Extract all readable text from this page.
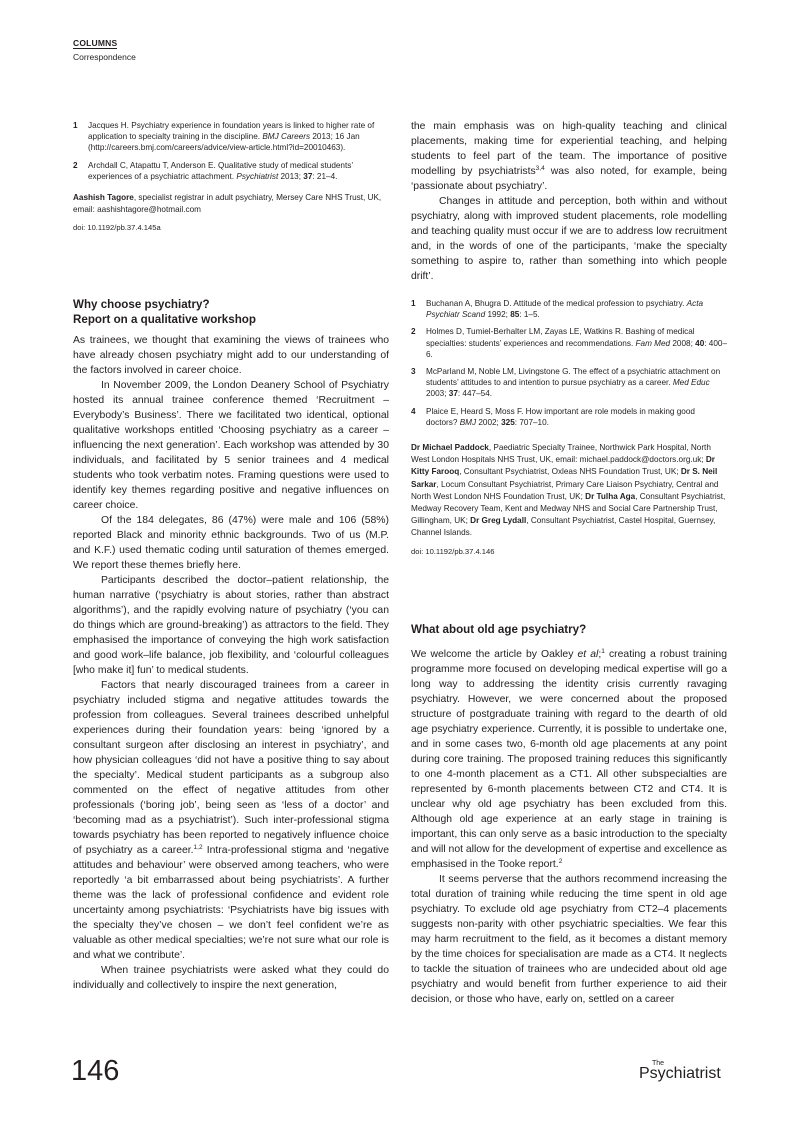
COLUMNS
Correspondence
1 Jacques H. Psychiatry experience in foundation years is linked to higher rate of application to specialty training in the discipline. BMJ Careers 2013; 16 Jan (http://careers.bmj.com/careers/advice/view-article.html?id=20010463).
2 Archdall C, Atapattu T, Anderson E. Qualitative study of medical students’ experiences of a psychiatric attachment. Psychiatrist 2013; 37: 21–4.
Aashish Tagore, specialist registrar in adult psychiatry, Mersey Care NHS Trust, UK, email: aashishtagore@hotmail.com
doi: 10.1192/pb.37.4.145a
Why choose psychiatry?
Report on a qualitative workshop

As trainees, we thought that examining the views of trainees who have already chosen psychiatry might add to our understanding of the factors involved in career choice.

In November 2009, the London Deanery School of Psychiatry hosted its annual trainee conference themed ‘Recruitment – Everybody’s Business’. There we facilitated two identical, optional qualitative workshops entitled ‘Choosing psychiatry as a career – influencing the next generation’. Each workshop was attended by 30 individuals, and facilitated by 5 senior trainees and 4 medical students who took verbatim notes. Framing questions were used to identify key themes regarding positive and negative influences on career choice.

Of the 184 delegates, 86 (47%) were male and 106 (58%) reported Black and minority ethnic backgrounds. Two of us (M.P. and K.F.) used thematic coding until saturation of themes emerged. We report these themes briefly here.

Participants described the doctor–patient relationship, the human narrative (‘psychiatry is about stories, rather than abstract algorithms’), and the rapidly evolving nature of psychiatry (‘you can do things which are ground-breaking’) as attractors to the field. They emphasised the importance of conveying the high work satisfaction and good work–life balance, job flexibility, and ‘colourful colleagues [who make it] fun’ to medical students.

Factors that nearly discouraged trainees from a career in psychiatry included stigma and negative attitudes towards the profession from colleagues. Several trainees described unhelpful experiences during their foundation years: being ‘ignored by a consultant surgeon after disclosing an interest in psychiatry’, and how physician colleagues ‘did not have a positive thing to say about the specialty’. Medical student participants as a subgroup also commented on the effect of negative attitudes from other professionals (‘boring job’, being seen as ‘less of a doctor’ and ‘becoming mad as a psychiatrist’). Such inter-professional stigma towards psychiatry has been reported to negatively influence choice of psychiatry as a career.$^{1,2}$ Intra-professional stigma and ‘negative attitudes and behaviour’ were observed among teachers, who were reportedly ‘a bit embarrassed about being psychiatrists’. A further theme was the lack of professional confidence and evident role uncertainty among psychiatrists: ‘Psychiatrists have big issues with the specialty they’ve chosen – we don’t feel confident we’re as valuable as other medical specialties; we’re not sure what our role is and what we contribute’.

When trainee psychiatrists were asked what they could do individually and collectively to inspire the next generation,

the main emphasis was on high-quality teaching and clinical placements, making time for experiential teaching, and helping students to feel part of the team. The importance of positive modelling by psychiatrists$^{3,4}$ was also noted, for example, being ‘passionate about psychiatry’.

Changes in attitude and perception, both within and without psychiatry, along with improved student placements, role modelling and teaching quality must occur if we are to address low recruitment and, in the words of one of the participants, ‘make the specialty something to aspire to, rather than something into which people drift’.

1 Buchanan A, Bhugra D. Attitude of the medical profession to psychiatry. Acta Psychiatr Scand 1992; 85: 1–5.
2 Holmes D, Tumiel-Berhalter LM, Zayas LE, Watkins R. Bashing of medical specialties: students’ experiences and recommendations. Fam Med 2008; 40: 400–6.
3 McParland M, Noble LM, Livingstone G. The effect of a psychiatric attachment on students’ attitudes to and intention to pursue psychiatry as a career. Med Educ 2003; 37: 447–54.
4 Plaice E, Heard S, Moss F. How important are role models in making good doctors? BMJ 2002; 325: 707–10.
Dr Michael Paddock, Paediatric Specialty Trainee, Northwick Park Hospital, North West London Hospitals NHS Trust, UK, email: michael.paddock@doctors.org.uk; Dr Kitty Farooq, Consultant Psychiatrist, Oxleas NHS Foundation Trust, UK; Dr S. Neil Sarkar, Locum Consultant Psychiatrist, Primary Care Liaison Psychiatry, Central and North West London NHS Foundation Trust, UK; Dr Tulha Aga, Consultant Psychiatrist, Medway Recovery Team, Kent and Medway NHS and Social Care Partnership Trust, Gillingham, UK; Dr Greg Lydall, Consultant Psychiatrist, Castel Hospital, Guernsey, Channel Islands.
doi: 10.1192/pb.37.4.146
What about old age psychiatry?

We welcome the article by Oakley et al;$^1$ creating a robust training programme more focused on developing medical expertise will go a long way to addressing the identity crisis currently ravaging psychiatry. However, we were concerned about the proposed structure of postgraduate training with regard to the dearth of old age psychiatry experience. Currently, it is possible to undertake one, and in some cases two, 6-month old age placements at any point during core training. The proposed training reduces this significantly to one 4-month placement as a CT1. All other subspecialties are represented by 6-month placements between CT2 and CT4. It is unclear why old age psychiatry has been excluded from this. Although old age experience at an early stage in training is important, this can only serve as a basic introduction to the specialty and will not allow for the development of expertise and excellence as emphasised in the Tooke report.$^2$

It seems perverse that the authors recommend increasing the total duration of training while reducing the time spent in old age psychiatry. To exclude old age psychiatry from CT2–4 placements suggests non-parity with other psychiatric specialties. We fear this may harm recruitment to the field, as it becomes a distant memory by the time choices for specialisation are made as a CT4. It neglects to tackle the situation of trainees who are undecided about old age psychiatry and would benefit from further experience to aid their decision, or those who have, early on, settled on a career

146	The
Psychiatrist
